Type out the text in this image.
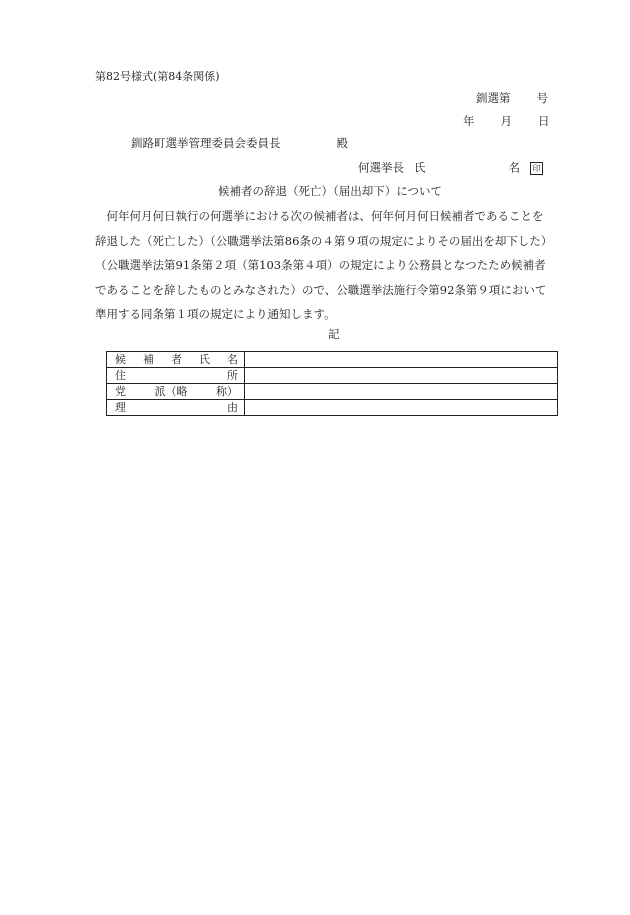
第82号様式(第84条関係)
釧選第 号
年 月 日
釧路町選挙管理委員会委員長	殿
何選挙長 氏	名 印
候補者の辞退（死亡）（届出却下）について
　何年何月何日執行の何選挙における次の候補者は、何年何月何日候補者であることを
辞退した（死亡した）（公職選挙法第86条の４第９項の規定によりその届出を却下した）
（公職選挙法第91条第２項（第103条第４項）の規定により公務員となつたため候補者
であることを辞したものとみなされた）ので、公職選挙法施行令第92条第９項において
準用する同条第１項の規定により通知します。
記
候 補 者 氏 名	

住 所	

党 派（略 称）	

理 由	
